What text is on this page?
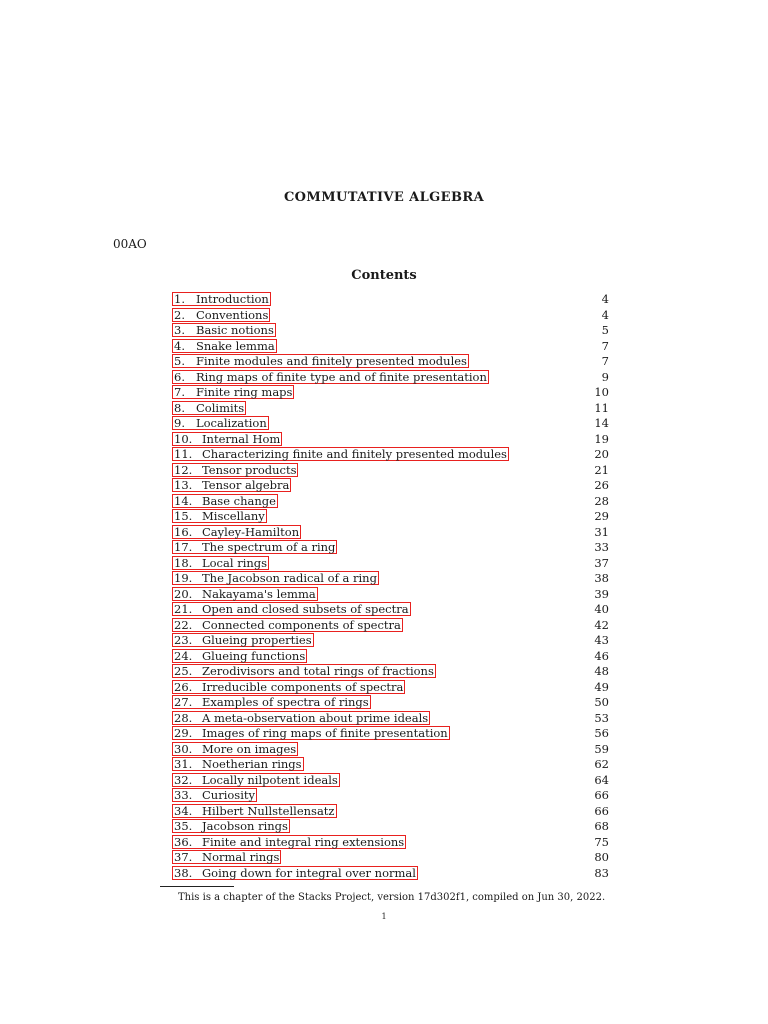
COMMUTATIVE ALGEBRA
00AO
Contents
1. Introduction	4
2. Conventions	4
3. Basic notions	5
4. Snake lemma	7
5. Finite modules and finitely presented modules	7
6. Ring maps of finite type and of finite presentation	9
7. Finite ring maps	10
8. Colimits	11
9. Localization	14
10. Internal Hom	19
11. Characterizing finite and finitely presented modules	20
12. Tensor products	21
13. Tensor algebra	26
14. Base change	28
15. Miscellany	29
16. Cayley-Hamilton	31
17. The spectrum of a ring	33
18. Local rings	37
19. The Jacobson radical of a ring	38
20. Nakayama's lemma	39
21. Open and closed subsets of spectra	40
22. Connected components of spectra	42
23. Glueing properties	43
24. Glueing functions	46
25. Zerodivisors and total rings of fractions	48
26. Irreducible components of spectra	49
27. Examples of spectra of rings	50
28. A meta-observation about prime ideals	53
29. Images of ring maps of finite presentation	56
30. More on images	59
31. Noetherian rings	62
32. Locally nilpotent ideals	64
33. Curiosity	66
34. Hilbert Nullstellensatz	66
35. Jacobson rings	68
36. Finite and integral ring extensions	75
37. Normal rings	80
38. Going down for integral over normal	83
This is a chapter of the Stacks Project, version 17d302f1, compiled on Jun 30, 2022.
1
